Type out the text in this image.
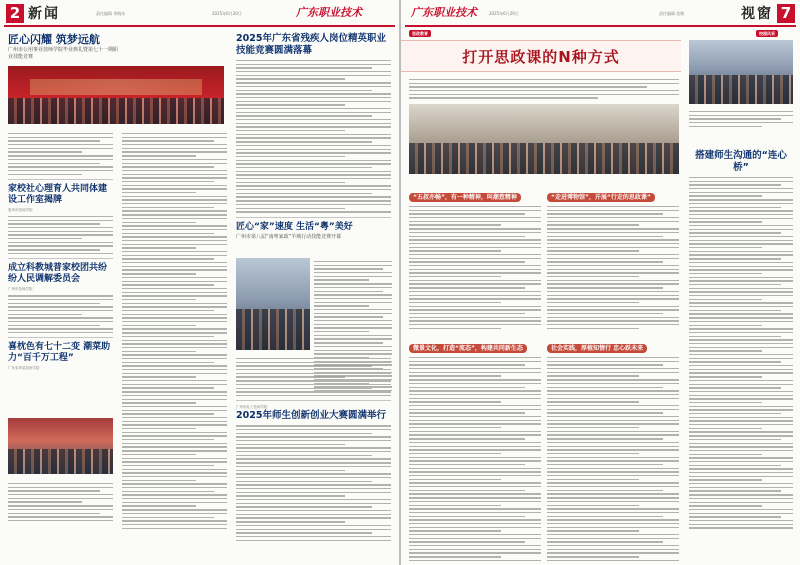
2 新闻	责任编辑 李晓东	2025年6月20日	广东职业技术
匠心闪耀 筑梦远航
广州市公用事业技师学院毕业典礼暨第七十一期职业技能竞赛
家校社心理育人共同体建设工作室揭牌
惠州市技师学院
成立科教城普家校团共纷纷人民调解委员会
广州市技师学院
喜枕色有七十二变 潮菜助力“百千万工程”
广东省粤菜技师学院
2025年广东省残疾人岗位精英职业技能竞赛圆满落幕
匠心“家”速度 生活“粤”美好
广州市第八届“南粤家政”羊城行动技能竞赛开幕
广州市轻工技师学院
2025年师生创新创业大赛圆满举行
广东职业技术	2025年6月20日	责任编辑 张敏	视窗 7
思政教育	校园风采
打开思政课的N种方式
“五叔亦畅”，有一种精神，叫潮惹精神	“走进博物馆”，开展“行走的思政课”
微景文化，打造“流态”，构建共同新生态	社会实践，厚植知情行 忠心跃未来
搭建师生沟通的“连心桥”
